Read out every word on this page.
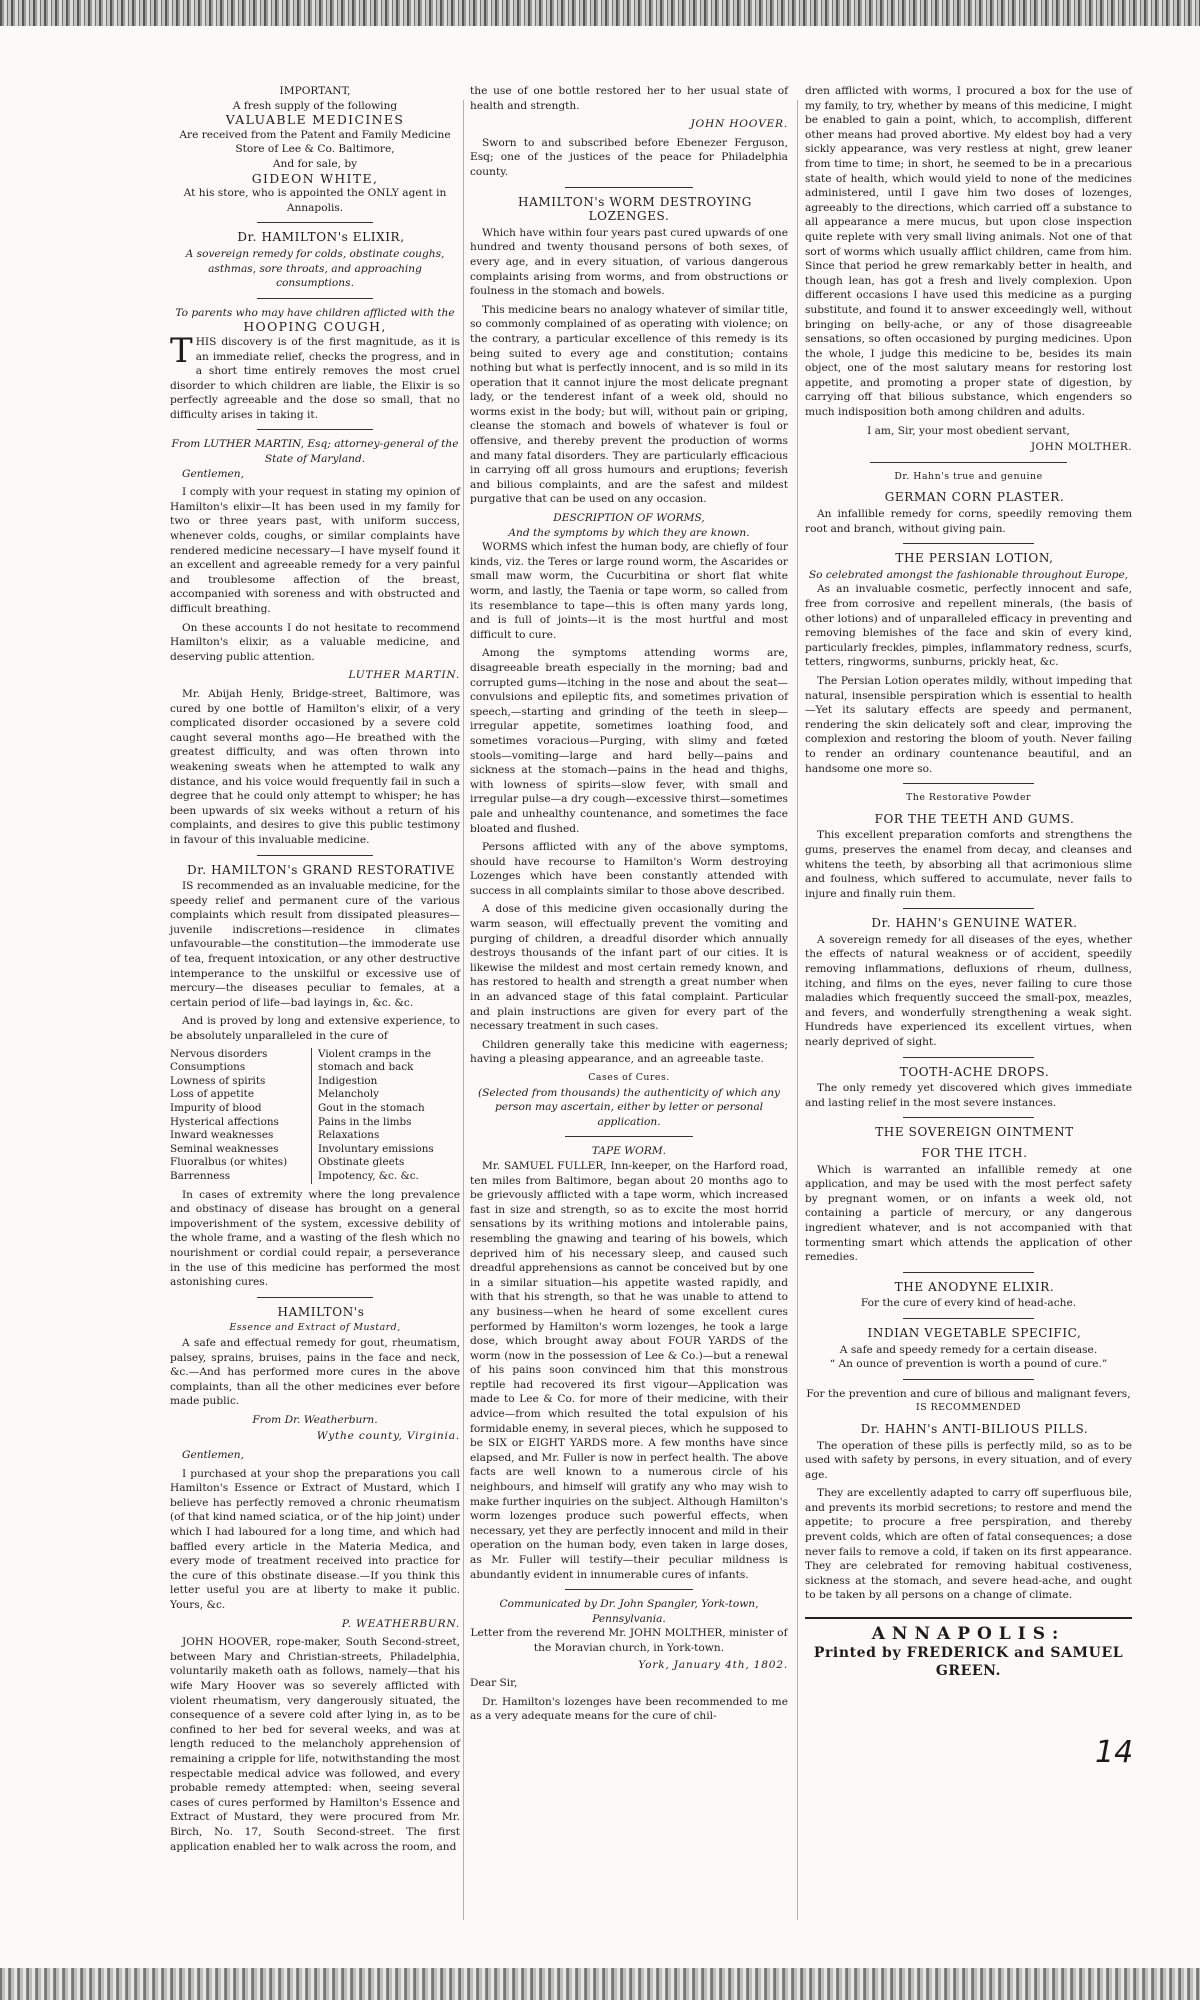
IMPORTANT,

A fresh supply of the following

VALUABLE MEDICINES

Are received from the Patent and Family Medicine

Store of Lee & Co. Baltimore,

And for sale, by

GIDEON WHITE,

At his store, who is appointed the ONLY agent in

Annapolis.

Dr. HAMILTON's ELIXIR,

A sovereign remedy for colds, obstinate coughs, asthmas, sore throats, and approaching consumptions.

To parents who may have children afflicted with the

HOOPING COUGH,

THIS discovery is of the first magnitude, as it is an immediate relief, checks the progress, and in a short time entirely removes the most cruel disorder to which children are liable, the Elixir is so perfectly agreeable and the dose so small, that no difficulty arises in taking it.

From LUTHER MARTIN, Esq; attorney-general of the State of Maryland.

Gentlemen,

I comply with your request in stating my opinion of Hamilton's elixir—It has been used in my family for two or three years past, with uniform success, whenever colds, coughs, or similar complaints have rendered medicine necessary—I have myself found it an excellent and agreeable remedy for a very painful and troublesome affection of the breast, accompanied with soreness and with obstructed and difficult breathing.

On these accounts I do not hesitate to recommend Hamilton's elixir, as a valuable medicine, and deserving public attention.

LUTHER MARTIN.

Mr. Abijah Henly, Bridge-street, Baltimore, was cured by one bottle of Hamilton's elixir, of a very complicated disorder occasioned by a severe cold caught several months ago—He breathed with the greatest difficulty, and was often thrown into weakening sweats when he attempted to walk any distance, and his voice would frequently fail in such a degree that he could only attempt to whisper; he has been upwards of six weeks without a return of his complaints, and desires to give this public testimony in favour of this invaluable medicine.

Dr. HAMILTON's GRAND RESTORATIVE

IS recommended as an invaluable medicine, for the speedy relief and permanent cure of the various complaints which result from dissipated pleasures—juvenile indiscretions—residence in climates unfavourable—the constitution—the immoderate use of tea, frequent intoxication, or any other destructive intemperance to the unskilful or excessive use of mercury—the diseases peculiar to females, at a certain period of life—bad layings in, &c. &c.

And is proved by long and extensive experience, to be absolutely unparalleled in the cure of

Nervous disorders
Consumptions
Lowness of spirits
Loss of appetite
Impurity of blood
Hysterical affections
Inward weaknesses
Seminal weaknesses
Fluoralbus (or whites)
Barrenness
Violent cramps in the
stomach and back
Indigestion
Melancholy
Gout in the stomach
Pains in the limbs
Relaxations
Involuntary emissions
Obstinate gleets
Impotency, &c. &c.

In cases of extremity where the long prevalence and obstinacy of disease has brought on a general impoverishment of the system, excessive debility of the whole frame, and a wasting of the flesh which no nourishment or cordial could repair, a perseverance in the use of this medicine has performed the most astonishing cures.

HAMILTON's

Essence and Extract of Mustard,

A safe and effectual remedy for gout, rheumatism, palsey, sprains, bruises, pains in the face and neck, &c.—And has performed more cures in the above complaints, than all the other medicines ever before made public.

From Dr. Weatherburn.

Wythe county, Virginia.

Gentlemen,

I purchased at your shop the preparations you call Hamilton's Essence or Extract of Mustard, which I believe has perfectly removed a chronic rheumatism (of that kind named sciatica, or of the hip joint) under which I had laboured for a long time, and which had baffled every article in the Materia Medica, and every mode of treatment received into practice for the cure of this obstinate disease.—If you think this letter useful you are at liberty to make it public. Yours, &c.

P. WEATHERBURN.

JOHN HOOVER, rope-maker, South Second-street, between Mary and Christian-streets, Philadelphia, voluntarily maketh oath as follows, namely—that his wife Mary Hoover was so severely afflicted with violent rheumatism, very dangerously situated, the consequence of a severe cold after lying in, as to be confined to her bed for several weeks, and was at length reduced to the melancholy apprehension of remaining a cripple for life, notwithstanding the most respectable medical advice was followed, and every probable remedy attempted: when, seeing several cases of cures performed by Hamilton's Essence and Extract of Mustard, they were procured from Mr. Birch, No. 17, South Second-street. The first application enabled her to walk across the room, and

the use of one bottle restored her to her usual state of health and strength.

JOHN HOOVER.

Sworn to and subscribed before Ebenezer Ferguson, Esq; one of the justices of the peace for Philadelphia county.

HAMILTON's WORM DESTROYING LOZENGES.

Which have within four years past cured upwards of one hundred and twenty thousand persons of both sexes, of every age, and in every situation, of various dangerous complaints arising from worms, and from obstructions or foulness in the stomach and bowels.

This medicine bears no analogy whatever of similar title, so commonly complained of as operating with violence; on the contrary, a particular excellence of this remedy is its being suited to every age and constitution; contains nothing but what is perfectly innocent, and is so mild in its operation that it cannot injure the most delicate pregnant lady, or the tenderest infant of a week old, should no worms exist in the body; but will, without pain or griping, cleanse the stomach and bowels of whatever is foul or offensive, and thereby prevent the production of worms and many fatal disorders. They are particularly efficacious in carrying off all gross humours and eruptions; feverish and bilious complaints, and are the safest and mildest purgative that can be used on any occasion.

DESCRIPTION OF WORMS,

And the symptoms by which they are known.

WORMS which infest the human body, are chiefly of four kinds, viz. the Teres or large round worm, the Ascarides or small maw worm, the Cucurbitina or short flat white worm, and lastly, the Taenia or tape worm, so called from its resemblance to tape—this is often many yards long, and is full of joints—it is the most hurtful and most difficult to cure.

Among the symptoms attending worms are, disagreeable breath especially in the morning; bad and corrupted gums—itching in the nose and about the seat—convulsions and epileptic fits, and sometimes privation of speech,—starting and grinding of the teeth in sleep—irregular appetite, sometimes loathing food, and sometimes voracious—Purging, with slimy and fœted stools—vomiting—large and hard belly—pains and sickness at the stomach—pains in the head and thighs, with lowness of spirits—slow fever, with small and irregular pulse—a dry cough—excessive thirst—sometimes pale and unhealthy countenance, and sometimes the face bloated and flushed.

Persons afflicted with any of the above symptoms, should have recourse to Hamilton's Worm destroying Lozenges which have been constantly attended with success in all complaints similar to those above described.

A dose of this medicine given occasionally during the warm season, will effectually prevent the vomiting and purging of children, a dreadful disorder which annually destroys thousands of the infant part of our cities. It is likewise the mildest and most certain remedy known, and has restored to health and strength a great number when in an advanced stage of this fatal complaint. Particular and plain instructions are given for every part of the necessary treatment in such cases.

Children generally take this medicine with eagerness; having a pleasing appearance, and an agreeable taste.

Cases of Cures.

(Selected from thousands) the authenticity of which any person may ascertain, either by letter or personal application.

TAPE WORM.

Mr. SAMUEL FULLER, Inn-keeper, on the Harford road, ten miles from Baltimore, began about 20 months ago to be grievously afflicted with a tape worm, which increased fast in size and strength, so as to excite the most horrid sensations by its writhing motions and intolerable pains, resembling the gnawing and tearing of his bowels, which deprived him of his necessary sleep, and caused such dreadful apprehensions as cannot be conceived but by one in a similar situation—his appetite wasted rapidly, and with that his strength, so that he was unable to attend to any business—when he heard of some excellent cures performed by Hamilton's worm lozenges, he took a large dose, which brought away about FOUR YARDS of the worm (now in the possession of Lee & Co.)—but a renewal of his pains soon convinced him that this monstrous reptile had recovered its first vigour—Application was made to Lee & Co. for more of their medicine, with their advice—from which resulted the total expulsion of his formidable enemy, in several pieces, which he supposed to be SIX or EIGHT YARDS more. A few months have since elapsed, and Mr. Fuller is now in perfect health. The above facts are well known to a numerous circle of his neighbours, and himself will gratify any who may wish to make further inquiries on the subject. Although Hamilton's worm lozenges produce such powerful effects, when necessary, yet they are perfectly innocent and mild in their operation on the human body, even taken in large doses, as Mr. Fuller will testify—their peculiar mildness is abundantly evident in innumerable cures of infants.

Communicated by Dr. John Spangler, York-town, Pennsylvania.

Letter from the reverend Mr. JOHN MOLTHER, minister of the Moravian church, in York-town.

York, January 4th, 1802.

Dear Sir,

Dr. Hamilton's lozenges have been recommended to me as a very adequate means for the cure of chil-

dren afflicted with worms, I procured a box for the use of my family, to try, whether by means of this medicine, I might be enabled to gain a point, which, to accomplish, different other means had proved abortive. My eldest boy had a very sickly appearance, was very restless at night, grew leaner from time to time; in short, he seemed to be in a precarious state of health, which would yield to none of the medicines administered, until I gave him two doses of lozenges, agreeably to the directions, which carried off a substance to all appearance a mere mucus, but upon close inspection quite replete with very small living animals. Not one of that sort of worms which usually afflict children, came from him. Since that period he grew remarkably better in health, and though lean, has got a fresh and lively complexion. Upon different occasions I have used this medicine as a purging substitute, and found it to answer exceedingly well, without bringing on belly-ache, or any of those disagreeable sensations, so often occasioned by purging medicines. Upon the whole, I judge this medicine to be, besides its main object, one of the most salutary means for restoring lost appetite, and promoting a proper state of digestion, by carrying off that bilious substance, which engenders so much indisposition both among children and adults.

I am, Sir, your most obedient servant,

JOHN MOLTHER.

Dr. Hahn's true and genuine

GERMAN CORN PLASTER.

An infallible remedy for corns, speedily removing them root and branch, without giving pain.

THE PERSIAN LOTION,

So celebrated amongst the fashionable throughout Europe,

As an invaluable cosmetic, perfectly innocent and safe, free from corrosive and repellent minerals, (the basis of other lotions) and of unparalleled efficacy in preventing and removing blemishes of the face and skin of every kind, particularly freckles, pimples, inflammatory redness, scurfs, tetters, ringworms, sunburns, prickly heat, &c.

The Persian Lotion operates mildly, without impeding that natural, insensible perspiration which is essential to health—Yet its salutary effects are speedy and permanent, rendering the skin delicately soft and clear, improving the complexion and restoring the bloom of youth. Never failing to render an ordinary countenance beautiful, and an handsome one more so.

The Restorative Powder

FOR THE TEETH AND GUMS.

This excellent preparation comforts and strengthens the gums, preserves the enamel from decay, and cleanses and whitens the teeth, by absorbing all that acrimonious slime and foulness, which suffered to accumulate, never fails to injure and finally ruin them.

Dr. HAHN's GENUINE WATER.

A sovereign remedy for all diseases of the eyes, whether the effects of natural weakness or of accident, speedily removing inflammations, defluxions of rheum, dullness, itching, and films on the eyes, never failing to cure those maladies which frequently succeed the small-pox, meazles, and fevers, and wonderfully strengthening a weak sight. Hundreds have experienced its excellent virtues, when nearly deprived of sight.

TOOTH-ACHE DROPS.

The only remedy yet discovered which gives immediate and lasting relief in the most severe instances.

THE SOVEREIGN OINTMENT

FOR THE ITCH.

Which is warranted an infallible remedy at one application, and may be used with the most perfect safety by pregnant women, or on infants a week old, not containing a particle of mercury, or any dangerous ingredient whatever, and is not accompanied with that tormenting smart which attends the application of other remedies.

THE ANODYNE ELIXIR.

For the cure of every kind of head-ache.

INDIAN VEGETABLE SPECIFIC,

A safe and speedy remedy for a certain disease.

“ An ounce of prevention is worth a pound of cure.”

For the prevention and cure of bilious and malignant fevers,

IS RECOMMENDED

Dr. HAHN's ANTI-BILIOUS PILLS.

The operation of these pills is perfectly mild, so as to be used with safety by persons, in every situation, and of every age.

They are excellently adapted to carry off superfluous bile, and prevents its morbid secretions; to restore and mend the appetite; to procure a free perspiration, and thereby prevent colds, which are often of fatal consequences; a dose never fails to remove a cold, if taken on its first appearance. They are celebrated for removing habitual costiveness, sickness at the stomach, and severe head-ache, and ought to be taken by all persons on a change of climate.

ANNAPOLIS:
Printed by FREDERICK and SAMUEL
GREEN.
14
